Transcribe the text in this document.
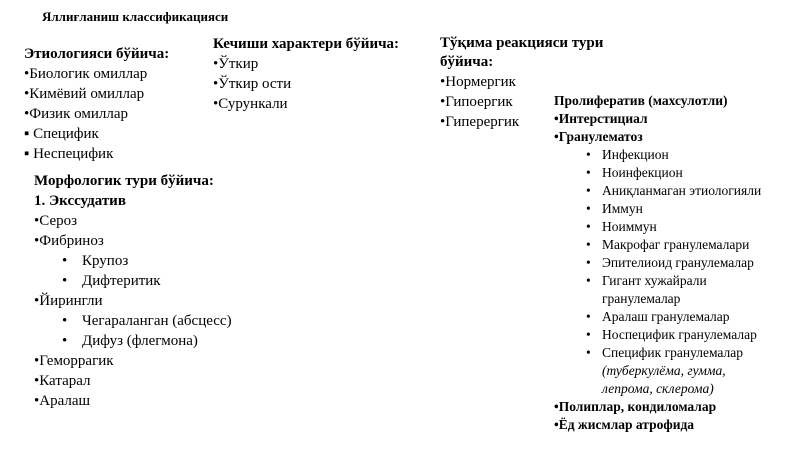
Яллиғланиш классификацияси
Этиологияси бўйича:
•Биологик омиллар
•Кимёвий омиллар
•Физик омиллар
▪ Специфик
▪ Неспецифик
Кечиши характери бўйича:
•Ўткир
•Ўткир ости
•Сурункали
Тўқима реакцияси тури
бўйича:
•Нормергик
•Гипоергик
•Гиперергик
Морфологик тури бўйича:
1. Экссудатив
•Сероз
•Фибриноз
• Крупоз
• Дифтеритик
•Йирингли
• Чегараланган (абсцесс)
• Дифуз (флегмона)
•Геморрагик
•Катарал
•Аралаш
Пролифератив (махсулотли)
•Интерстициал
•Гранулематоз
• Инфекцион
• Ноинфекцион
• Аниқланмаган этиологияли
• Иммун
• Ноиммун
• Макрофаг гранулемалари
• Эпителиоид гранулемалар
• Гигант хужайрали
гранулемалар
• Аралаш гранулемалар
• Носпецифик гранулемалар
• Специфик гранулемалар
(туберкулёма, гумма,
лепрома, склерома)
•Полиплар, кондиломалар
•Ёд жисмлар атрофида
